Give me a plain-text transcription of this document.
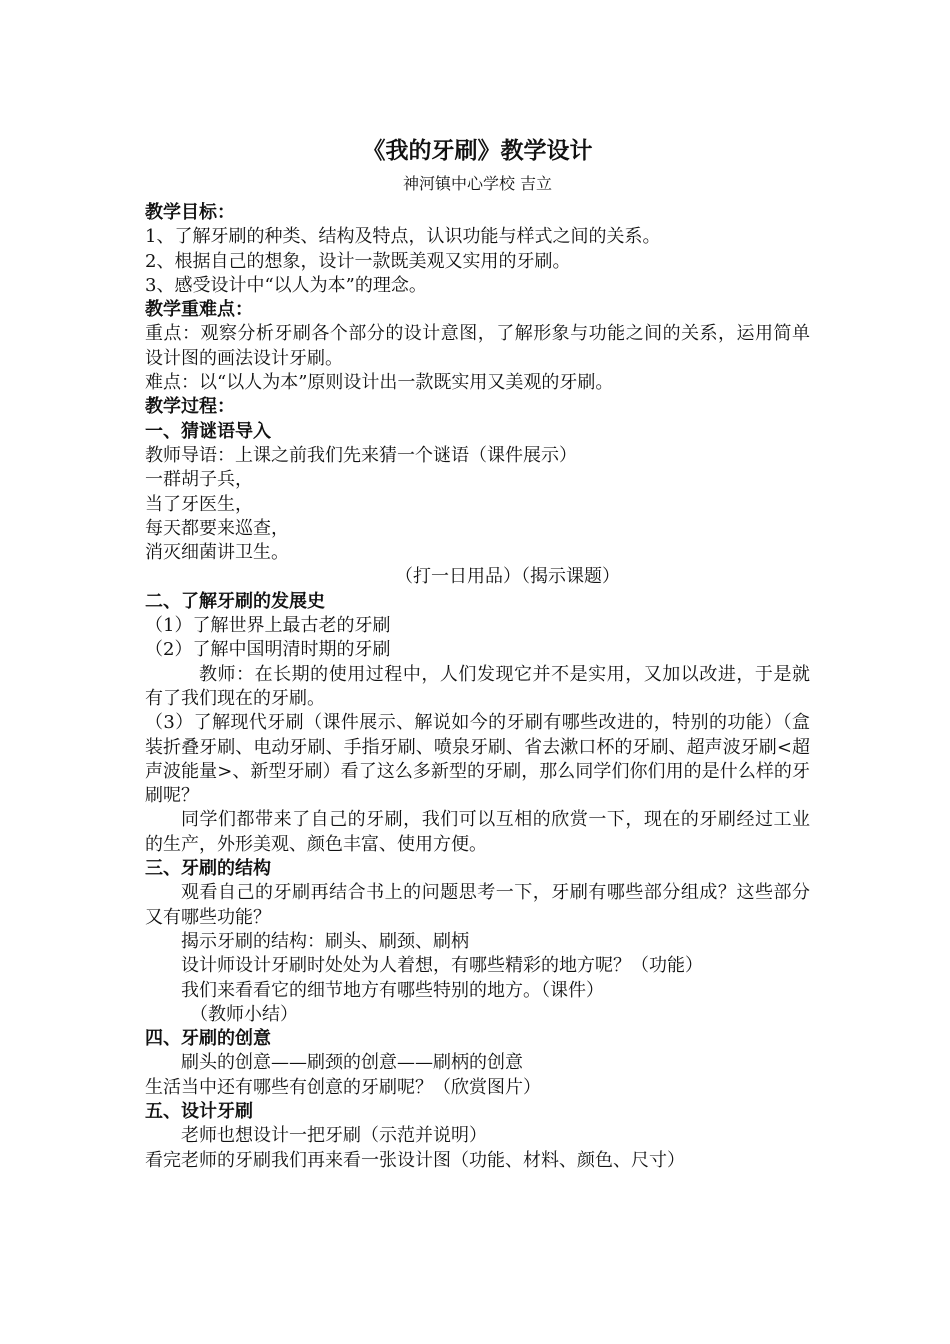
《我的牙刷》教学设计
神河镇中心学校 吉立
教学目标：
1、了解牙刷的种类、结构及特点，认识功能与样式之间的关系。
2、根据自己的想象，设计一款既美观又实用的牙刷。
3、感受设计中“以人为本”的理念。
教学重难点：
重点：观察分析牙刷各个部分的设计意图，了解形象与功能之间的关系，运用简单设计图的画法设计牙刷。
难点：以“以人为本”原则设计出一款既实用又美观的牙刷。
教学过程：
一、猜谜语导入
教师导语：上课之前我们先来猜一个谜语（课件展示）
一群胡子兵，
当了牙医生，
每天都要来巡查，
消灭细菌讲卫生。
（打一日用品）（揭示课题）
二、了解牙刷的发展史
（1）了解世界上最古老的牙刷
（2）了解中国明清时期的牙刷
教师：在长期的使用过程中，人们发现它并不是实用，又加以改进，于是就有了我们现在的牙刷。
（3）了解现代牙刷（课件展示、解说如今的牙刷有哪些改进的，特别的功能）（盒装折叠牙刷、电动牙刷、手指牙刷、喷泉牙刷、省去漱口杯的牙刷、超声波牙刷<超声波能量>、新型牙刷）看了这么多新型的牙刷，那么同学们你们用的是什么样的牙刷呢？
同学们都带来了自己的牙刷，我们可以互相的欣赏一下，现在的牙刷经过工业的生产，外形美观、颜色丰富、使用方便。
三、牙刷的结构
观看自己的牙刷再结合书上的问题思考一下，牙刷有哪些部分组成？这些部分又有哪些功能？
揭示牙刷的结构：刷头、刷颈、刷柄
设计师设计牙刷时处处为人着想，有哪些精彩的地方呢？（功能）
我们来看看它的细节地方有哪些特别的地方。（课件）
（教师小结）
四、牙刷的创意
刷头的创意——刷颈的创意——刷柄的创意
生活当中还有哪些有创意的牙刷呢？（欣赏图片）
五、设计牙刷
老师也想设计一把牙刷（示范并说明）
看完老师的牙刷我们再来看一张设计图（功能、材料、颜色、尺寸）
